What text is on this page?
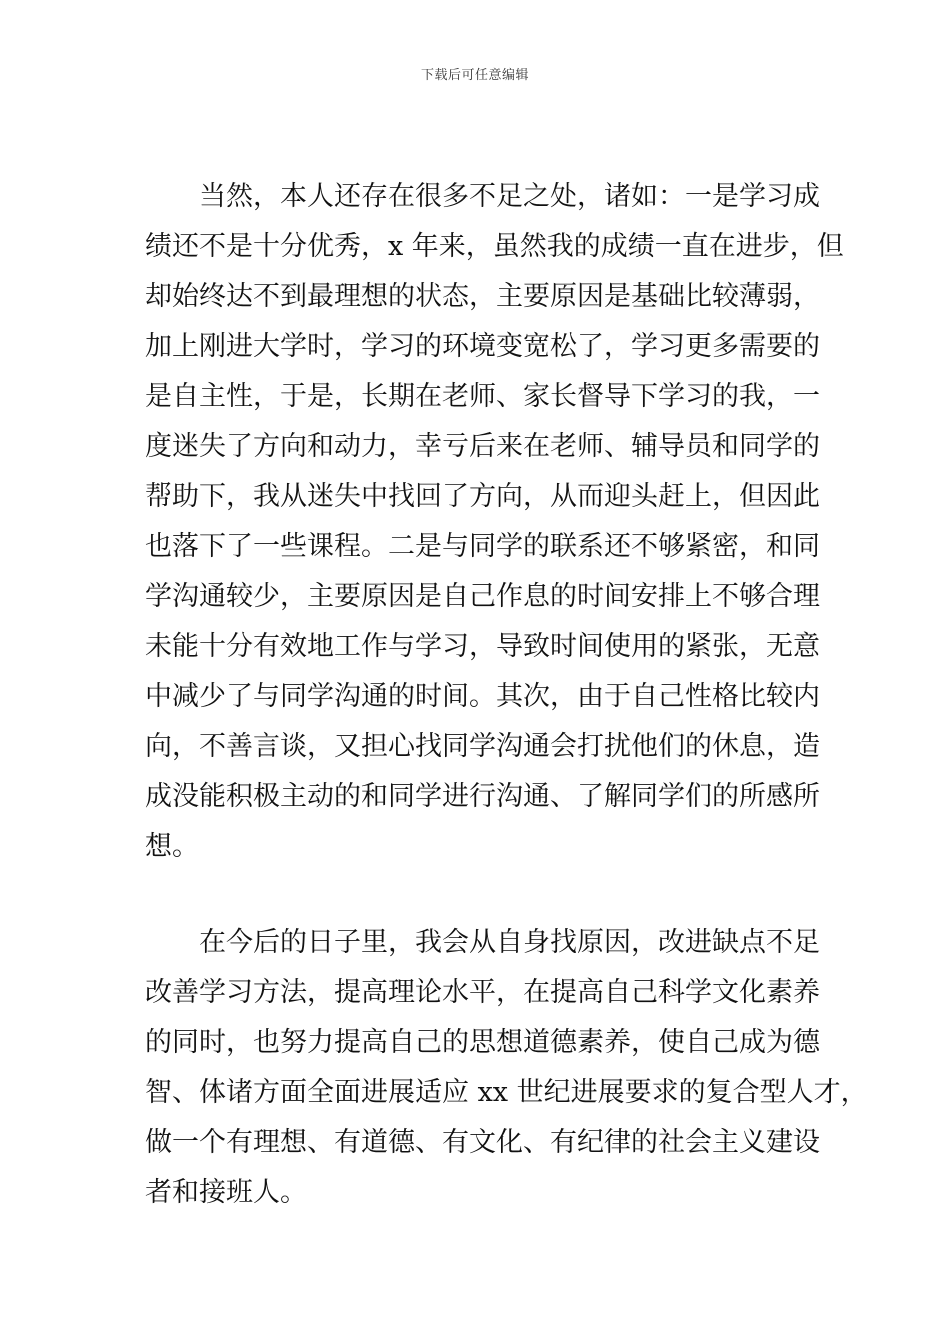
下载后可任意编辑
当然，本人还存在很多不足之处，诸如：一是学习成
绩还不是十分优秀，x 年来，虽然我的成绩一直在进步，但
却始终达不到最理想的状态，主要原因是基础比较薄弱，
加上刚进大学时，学习的环境变宽松了，学习更多需要的
是自主性，于是，长期在老师、家长督导下学习的我，一
度迷失了方向和动力，幸亏后来在老师、辅导员和同学的
帮助下，我从迷失中找回了方向，从而迎头赶上，但因此
也落下了一些课程。二是与同学的联系还不够紧密，和同
学沟通较少，主要原因是自己作息的时间安排上不够合理
未能十分有效地工作与学习，导致时间使用的紧张，无意
中减少了与同学沟通的时间。其次，由于自己性格比较内
向，不善言谈，又担心找同学沟通会打扰他们的休息，造
成没能积极主动的和同学进行沟通、了解同学们的所感所
想。
在今后的日子里，我会从自身找原因，改进缺点不足
改善学习方法，提高理论水平，在提高自己科学文化素养
的同时，也努力提高自己的思想道德素养，使自己成为德
智、体诸方面全面进展适应 xx 世纪进展要求的复合型人才，
做一个有理想、有道德、有文化、有纪律的社会主义建设
者和接班人。
